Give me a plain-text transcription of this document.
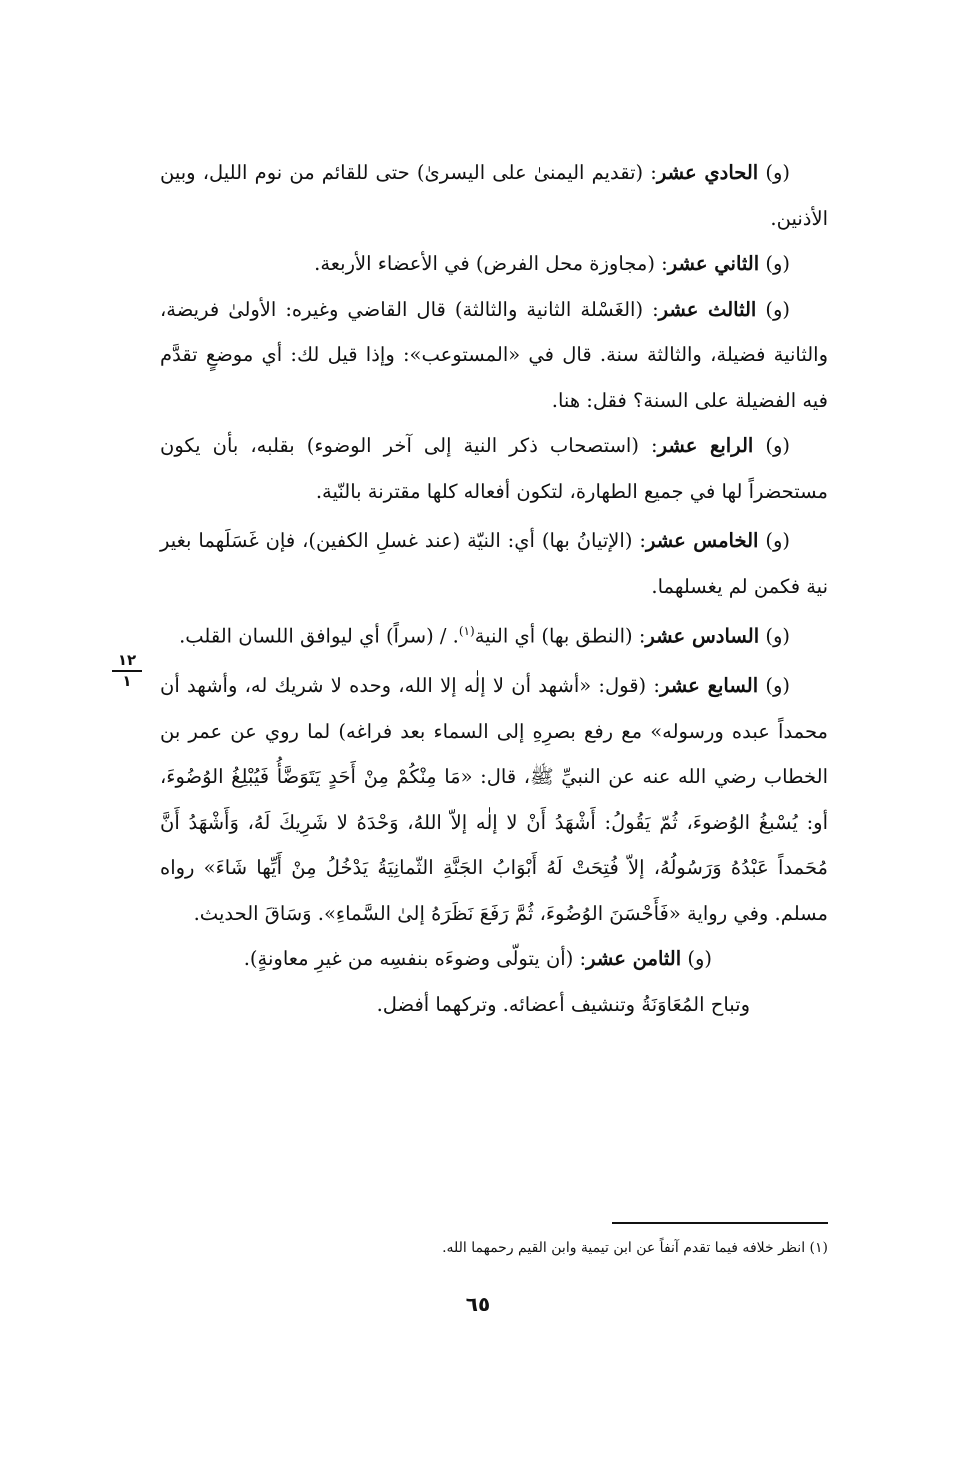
(و) الحادي عشر: (تقديم اليمنىٰ على اليسرىٰ) حتى للقائم من نوم الليل، وبين الأذنين.

(و) الثاني عشر: (مجاوزة محل الفرض) في الأعضاء الأربعة.

(و) الثالث عشر: (الغَسْلة الثانية والثالثة) قال القاضي وغيره: الأولىٰ فريضة، والثانية فضيلة، والثالثة سنة. قال في «المستوعب»: وإذا قيل لك: أي موضعٍ تقدَّم فيه الفضيلة على السنة؟ فقل: هنا.

(و) الرابع عشر: (استصحاب ذكر النية إلى آخر الوضوء) بقلبه، بأن يكون مستحضراً لها في جميع الطهارة، لتكون أفعاله كلها مقترنة بالنّية.

(و) الخامس عشر: (الإتيانُ بها) أي: النيّة (عند غسلِ الكفين)، فإن غَسَلَهما بغير نية فكمن لم يغسلهما.

(و) السادس عشر: (النطق بها) أي النية$^{(١)}$. / (سراً) أي ليوافق اللسان القلب.

(و) السابع عشر: (قول: «أشهد أن لا إلٰه إلا الله، وحده لا شريك له، وأشهد أن محمداً عبده ورسوله» مع رفع بصرِهِ إلى السماء بعد فراغه) لما روي عن عمر بن الخطاب رضي الله عنه عن النبيِّ ﷺ، قال: «مَا مِنْكُمْ مِنْ أَحَدٍ يَتَوَضَّأُ فَيُبْلِغُ الوُضُوءَ، أو: يُسْبغُ الوُضوءَ، ثُمّ يَقُولُ: أَشْهَدُ أَنْ لا إلٰه إلاّ اللهُ، وَحْدَهُ لا شَرِيكَ لَهُ، وَأَشْهَدُ أَنَّ مُحَمداً عَبْدُهُ وَرَسُولُهُ، إلاّ فُتِحَتْ لَهُ أَبْوَابُ الجَنَّةِ الثّمانِيَةُ يَدْخُلُ مِنْ أَيِّها شَاءَ» رواه مسلم. وفي رواية «فَأَحْسَنَ الوُضُوءَ، ثُمَّ رَفَعَ نَظَرَهُ إلىٰ السَّماءِ». وَسَاقَ الحديث.

(و) الثامن عشر: (أن يتولّى وضوءَه بنفسِه من غيرِ معاونةٍ).

وتباح المُعَاوَنَةُ وتنشيف أعضائه. وتركهما أفضل.

١٢
١
(١) انظر خلافه فيما تقدم آنفاً عن ابن تيمية وابن القيم رحمهما الله.
٦٥
